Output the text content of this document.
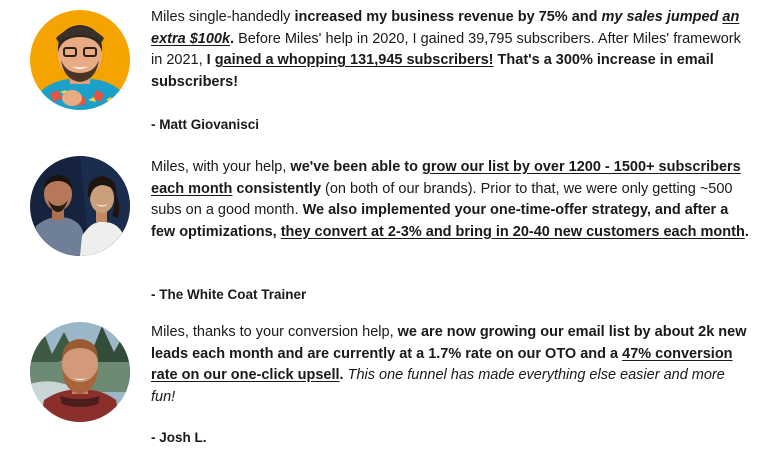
Miles single-handedly increased my business revenue by 75% and my sales jumped an extra $100k. Before Miles' help in 2020, I gained 39,795 subscribers. After Miles' framework in 2021, I gained a whopping 131,945 subscribers! That's a 300% increase in email subscribers!

- Matt Giovanisci

Miles, with your help, we've been able to grow our list by over 1200 - 1500+ subscribers each month consistently (on both of our brands). Prior to that, we were only getting ~500 subs on a good month. We also implemented your one-time-offer strategy, and after a few optimizations, they convert at 2-3% and bring in 20-40 new customers each month.

- The White Coat Trainer

Miles, thanks to your conversion help, we are now growing our email list by about 2k new leads each month and are currently at a 1.7% rate on our OTO and a 47% conversion rate on our one-click upsell. This one funnel has made everything else easier and more fun!

- Josh L.
